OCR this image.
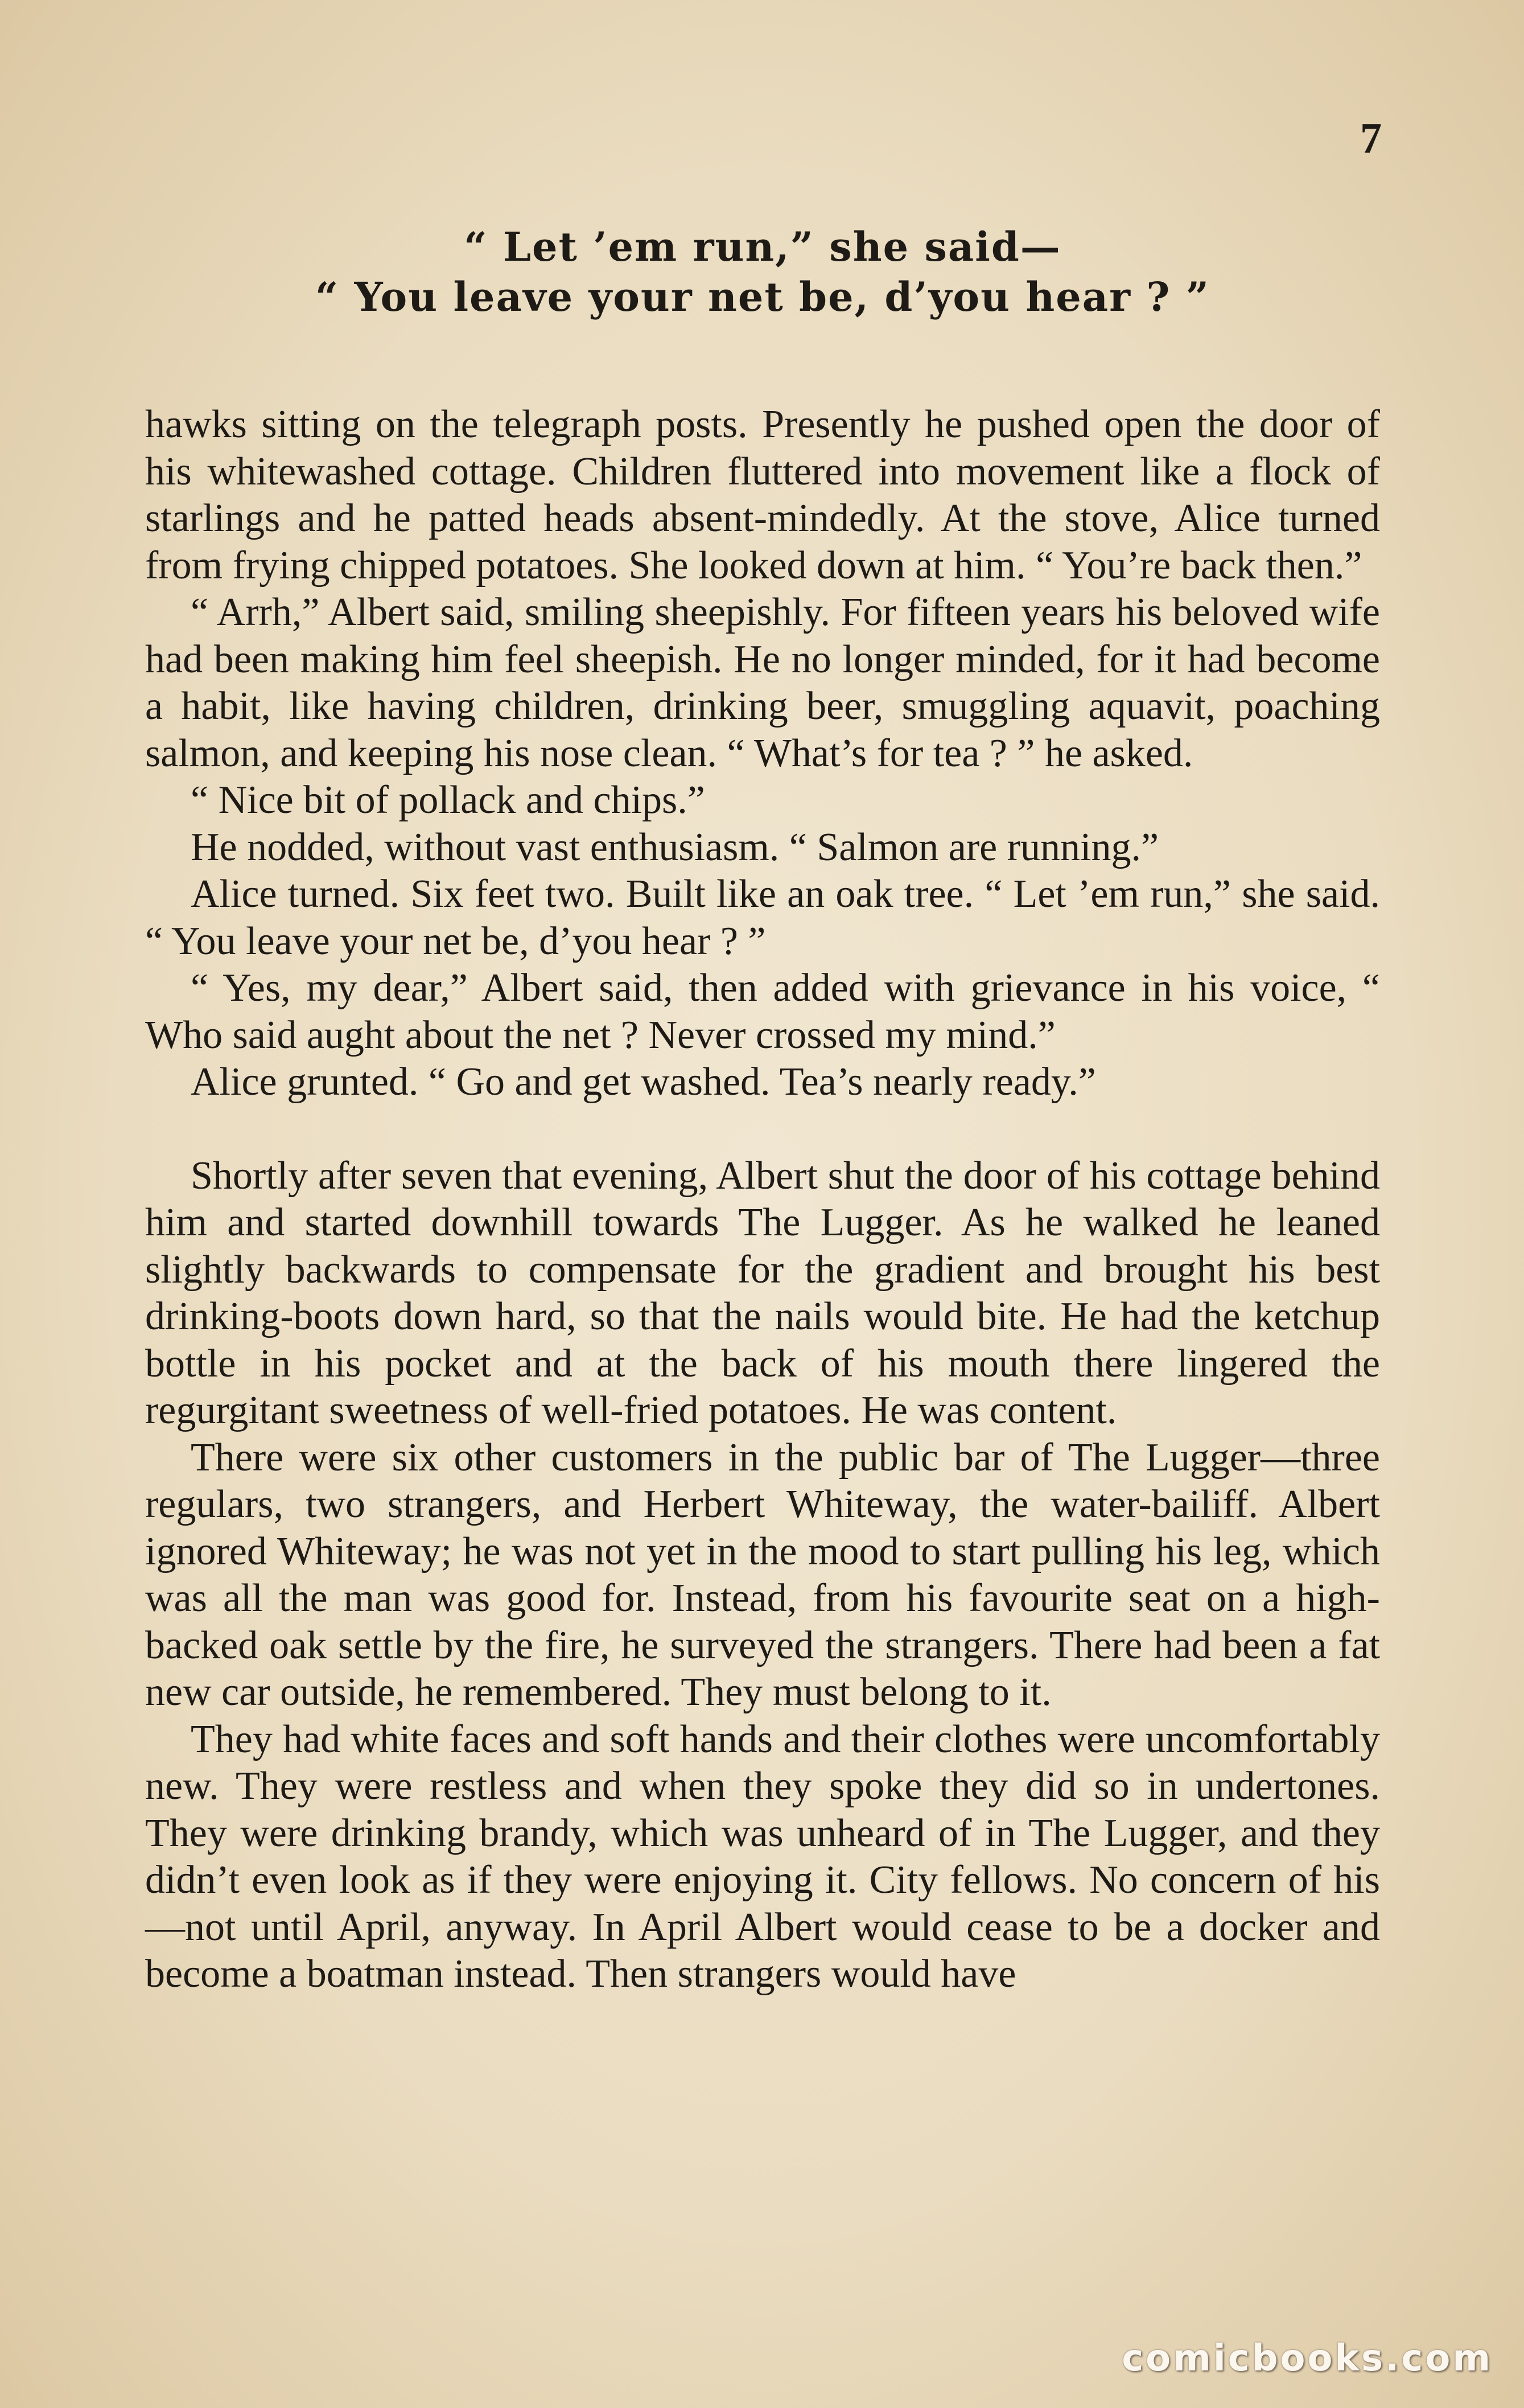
7
“ Let ’em run,” she said—
“ You leave your net be, d’you hear ? ”

hawks sitting on the telegraph posts. Presently he pushed open the door of his whitewashed cottage. Children fluttered into movement like a flock of starlings and he patted heads absent-mindedly. At the stove, Alice turned from frying chipped potatoes. She looked down at him. “ You’re back then.”

“ Arrh,” Albert said, smiling sheepishly. For fifteen years his beloved wife had been making him feel sheepish. He no longer minded, for it had become a habit, like having children, drinking beer, smuggling aquavit, poaching salmon, and keeping his nose clean. “ What’s for tea ? ” he asked.

“ Nice bit of pollack and chips.”

He nodded, without vast enthusiasm. “ Salmon are running.”

Alice turned. Six feet two. Built like an oak tree. “ Let ’em run,” she said. “ You leave your net be, d’you hear ? ”

“ Yes, my dear,” Albert said, then added with grievance in his voice, “ Who said aught about the net ? Never crossed my mind.”

Alice grunted. “ Go and get washed. Tea’s nearly ready.”

Shortly after seven that evening, Albert shut the door of his cottage behind him and started downhill towards The Lugger. As he walked he leaned slightly backwards to compensate for the gradient and brought his best drinking-boots down hard, so that the nails would bite. He had the ketchup bottle in his pocket and at the back of his mouth there lingered the regurgitant sweetness of well-fried potatoes. He was content.

There were six other customers in the public bar of The Lugger—three regulars, two strangers, and Herbert Whiteway, the water-bailiff. Albert ignored Whiteway; he was not yet in the mood to start pulling his leg, which was all the man was good for. Instead, from his favourite seat on a high-backed oak settle by the fire, he surveyed the strangers. There had been a fat new car outside, he remembered. They must belong to it.

They had white faces and soft hands and their clothes were uncomfortably new. They were restless and when they spoke they did so in undertones. They were drinking brandy, which was unheard of in The Lugger, and they didn’t even look as if they were enjoying it. City fellows. No concern of his—not until April, anyway. In April Albert would cease to be a docker and become a boatman instead. Then strangers would have

comicbooks.com
